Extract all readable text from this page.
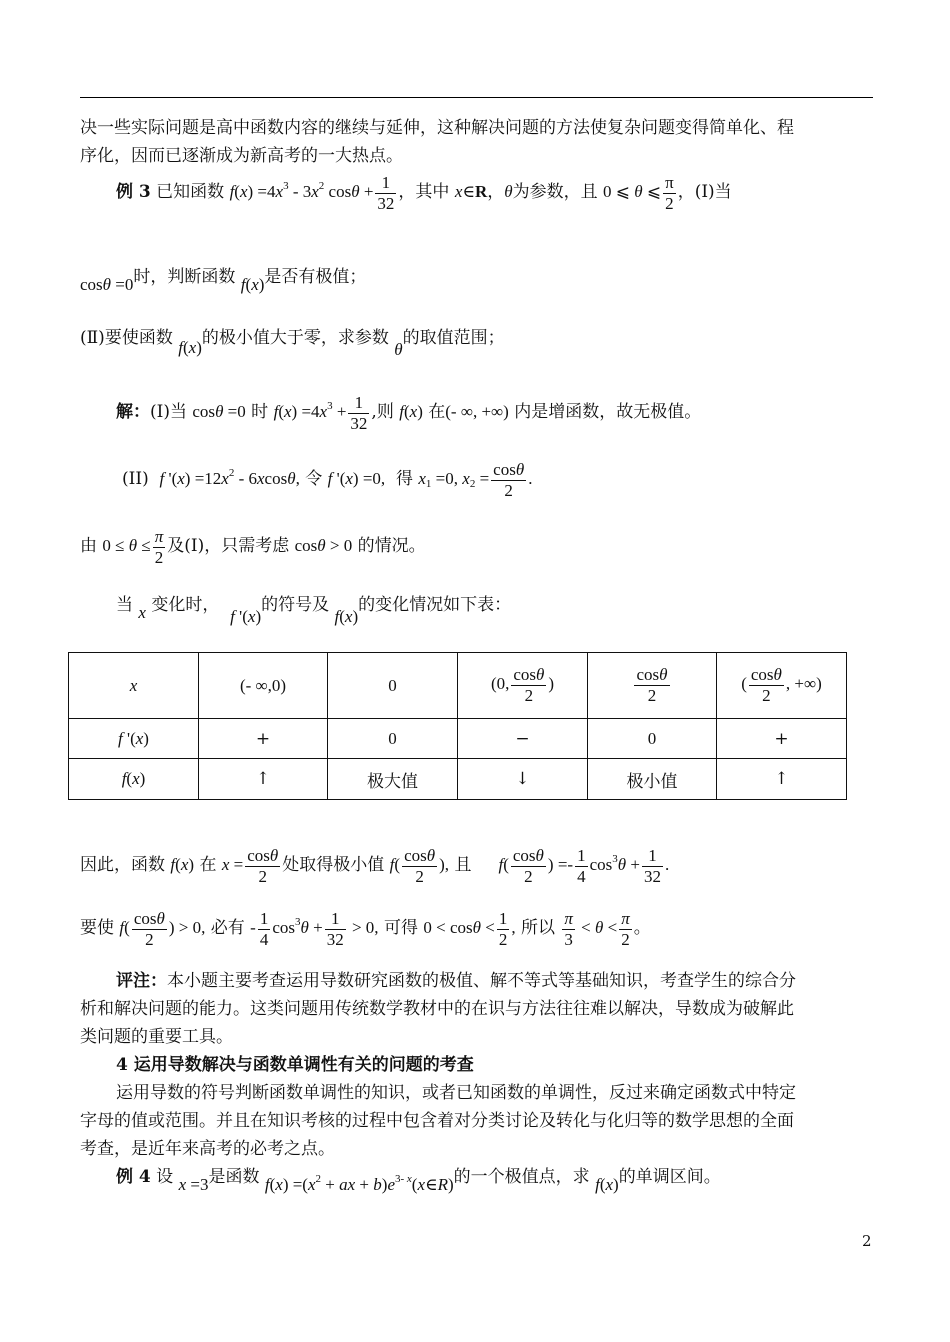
决一些实际问题是高中函数内容的继续与延伸，这种解决问题的方法使复杂问题变得简单化、程
序化，因而已逐渐成为新高考的一大热点。
例 3 已知函数 $f(x) =4x^3 - 3x^2$ $\cos\theta + \frac{1}{32}$ ，其中 x∈R，θ为参数，且 0 ⩽ θ ⩽ $\frac{\pi}{2}$ ，(Ⅰ)当
cosθ =0时，判断函数 f(x)是否有极值；
(Ⅱ)要使函数 f(x)的极小值大于零，求参数 θ的取值范围；
解：(Ⅰ)当 cosθ =0 时 $f(x) =4x^3 + \frac{1}{32}$ ,则 f(x) 在(- ∞, +∞) 内是增函数，故无极值。
(II) f '$(x) =12x^2 - 6xcos\theta$, 令 f '(x) =0, 得 $x_1 =0$, $x_2 = \frac{\cos\theta}{2}$ .
由 $0 \le \theta \le \frac{\pi}{2}$ 及(Ⅰ)，只需考虑 cosθ > 0 的情况。
当 x 变化时，  f '(x)的符号及 f(x)的变化情况如下表：
x	(- ∞,0)	0	(0, $\frac{\cos\theta}{2}$ )	$\frac{\cos\theta}{2}$	( $\frac{\cos\theta}{2}$ , +∞)
f '(x)	+	0	−	0	+
f(x)	↑	极大值	↓	极小值	↑
因此，函数 f(x) 在 $x = \frac{\cos\theta}{2}$ 处取得极小值 $f( \frac{\cos\theta}{2}$ ), 且 $f( \frac{\cos\theta}{2}$ ) =- $\frac{1}{4} \cos^3\theta + \frac{1}{32}$ .
要使 $f( \frac{\cos\theta}{2}$ ) > 0, 必有 - $\frac{1}{4} \cos^3\theta + \frac{1}{32} > 0$, 可得 $0 < \cos\theta < \frac{1}{2}$ , 所以 $\frac{\pi}{3} < \theta < \frac{\pi}{2}$ 。
评注：本小题主要考查运用导数研究函数的极值、解不等式等基础知识，考查学生的综合分
析和解决问题的能力。这类问题用传统数学教材中的在识与方法往往难以解决，导数成为破解此
类问题的重要工具。
4 运用导数解决与函数单调性有关的问题的考查
运用导数的符号判断函数单调性的知识，或者已知函数的单调性，反过来确定函数式中特定
字母的值或范围。并且在知识考核的过程中包含着对分类讨论及转化与化归等的数学思想的全面
考查，是近年来高考的必考之点。
例 4 设 x =3是函数 $f(x) =(x^2$ + ax + $b)e^{3- x}(x\in R)$的一个极值点，求 f(x)的单调区间。
2
